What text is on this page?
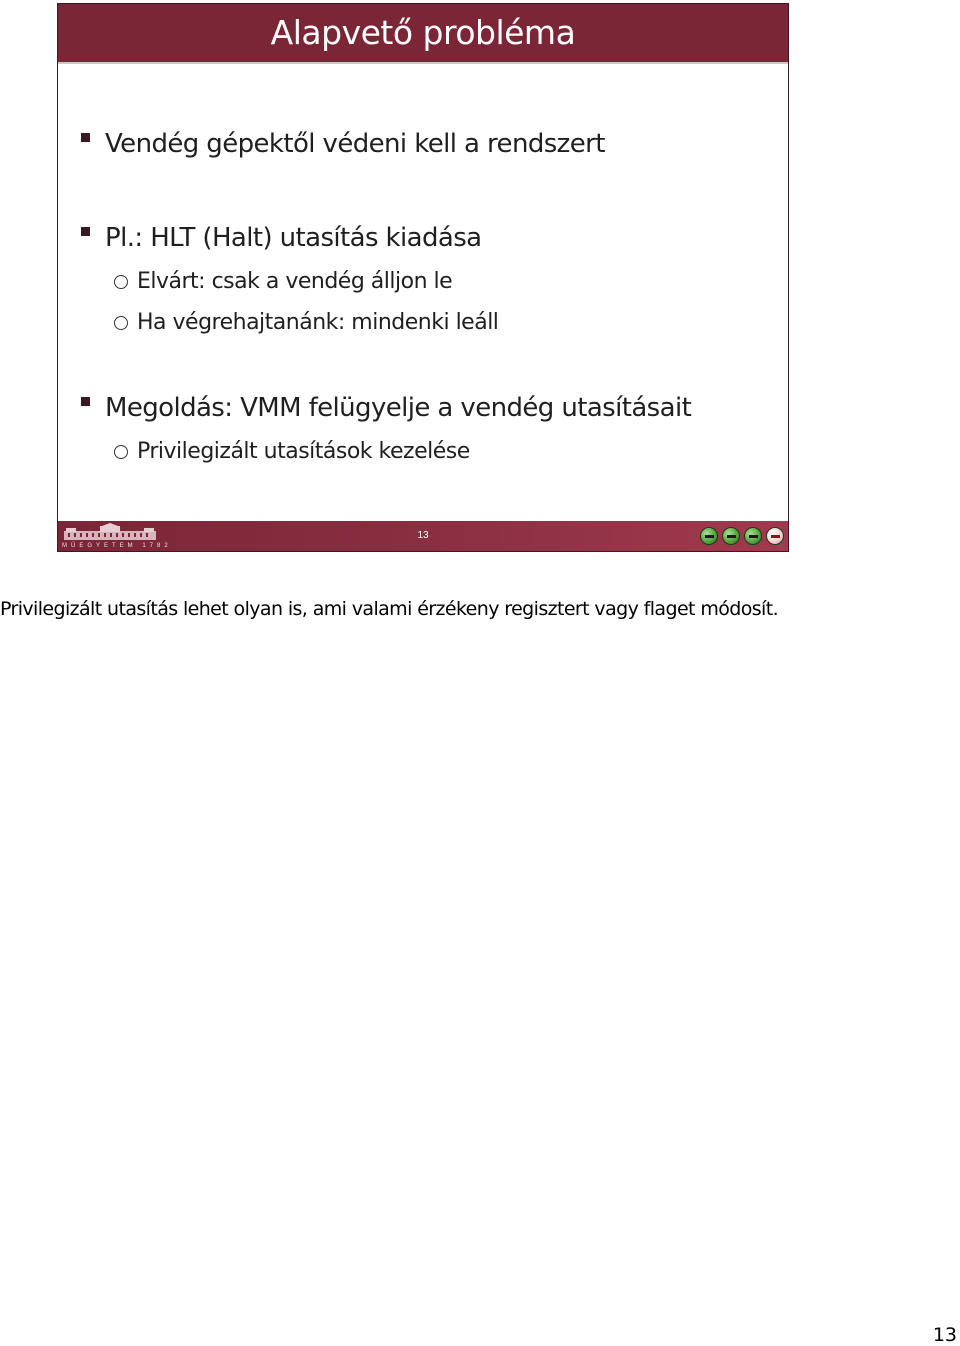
Alapvető probléma
Vendég gépektől védeni kell a rendszert
Pl.: HLT (Halt) utasítás kiadása
Elvárt: csak a vendég álljon le
Ha végrehajtanánk: mindenki leáll
Megoldás: VMM felügyelje a vendég utasításait
Privilegizált utasítások kezelése
MŰEGYETEM 1782
13
Privilegizált utasítás lehet olyan is, ami valami érzékeny regisztert vagy flaget módosít.
13
